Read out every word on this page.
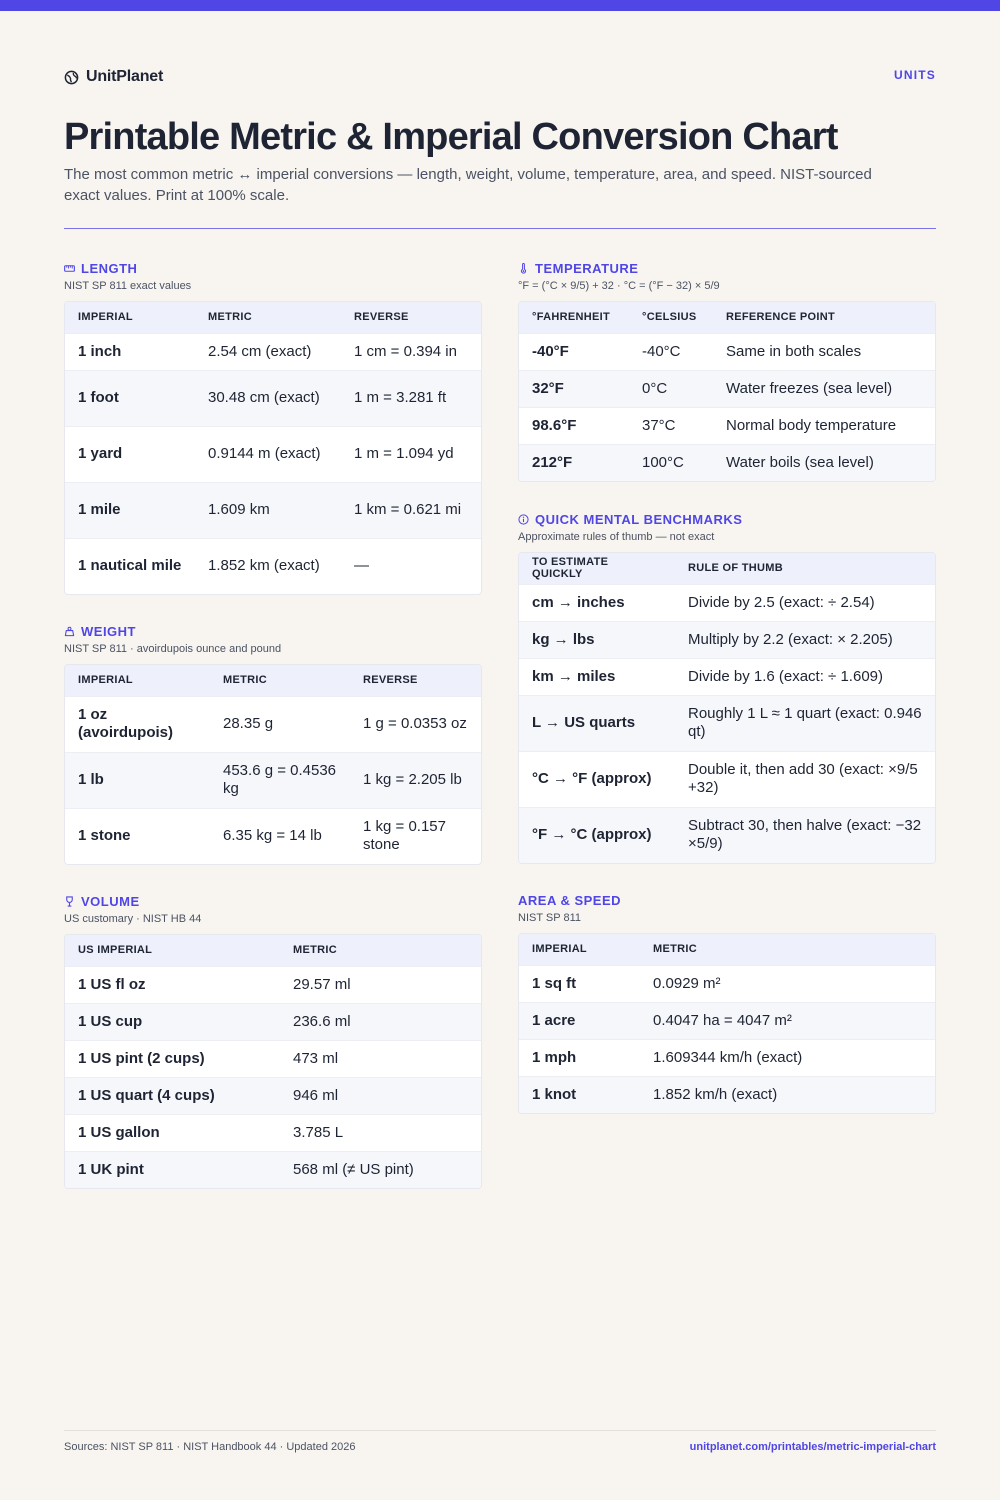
UnitPlanet	UNITS
Printable Metric & Imperial Conversion Chart

The most common metric ↔ imperial conversions — length, weight, volume, temperature, area, and speed. NIST-sourced exact values. Print at 100% scale.

LENGTH
NIST SP 811 exact values
IMPERIAL	METRIC	REVERSE
1 inch	2.54 cm (exact)	1 cm = 0.394 in
1 foot	30.48 cm (exact)	1 m = 3.281 ft
1 yard	0.9144 m (exact)	1 m = 1.094 yd
1 mile	1.609 km	1 km = 0.621 mi
1 nautical mile	1.852 km (exact)	—
WEIGHT
NIST SP 811 · avoirdupois ounce and pound
IMPERIAL	METRIC	REVERSE
1 oz (avoirdupois)	28.35 g	1 g = 0.0353 oz
1 lb	453.6 g = 0.4536 kg	1 kg = 2.205 lb
1 stone	6.35 kg = 14 lb	1 kg = 0.157 stone
VOLUME
US customary · NIST HB 44
US IMPERIAL	METRIC
1 US fl oz	29.57 ml
1 US cup	236.6 ml
1 US pint (2 cups)	473 ml
1 US quart (4 cups)	946 ml
1 US gallon	3.785 L
1 UK pint	568 ml (≠ US pint)
TEMPERATURE
°F = (°C × 9/5) + 32 · °C = (°F − 32) × 5/9
°FAHRENHEIT	°CELSIUS	REFERENCE POINT
-40°F	-40°C	Same in both scales
32°F	0°C	Water freezes (sea level)
98.6°F	37°C	Normal body temperature
212°F	100°C	Water boils (sea level)
QUICK MENTAL BENCHMARKS
Approximate rules of thumb — not exact
TO ESTIMATE QUICKLY	RULE OF THUMB
cm → inches	Divide by 2.5 (exact: ÷ 2.54)
kg → lbs	Multiply by 2.2 (exact: × 2.205)
km → miles	Divide by 1.6 (exact: ÷ 1.609)
L → US quarts	Roughly 1 L ≈ 1 quart (exact: 0.946 qt)
°C → °F (approx)	Double it, then add 30 (exact: ×9/5 +32)
°F → °C (approx)	Subtract 30, then halve (exact: −32 ×5/9)
AREA & SPEED
NIST SP 811
IMPERIAL	METRIC
1 sq ft	0.0929 m²
1 acre	0.4047 ha = 4047 m²
1 mph	1.609344 km/h (exact)
1 knot	1.852 km/h (exact)
Sources: NIST SP 811 · NIST Handbook 44 · Updated 2026	unitplanet.com/printables/metric-imperial-chart
